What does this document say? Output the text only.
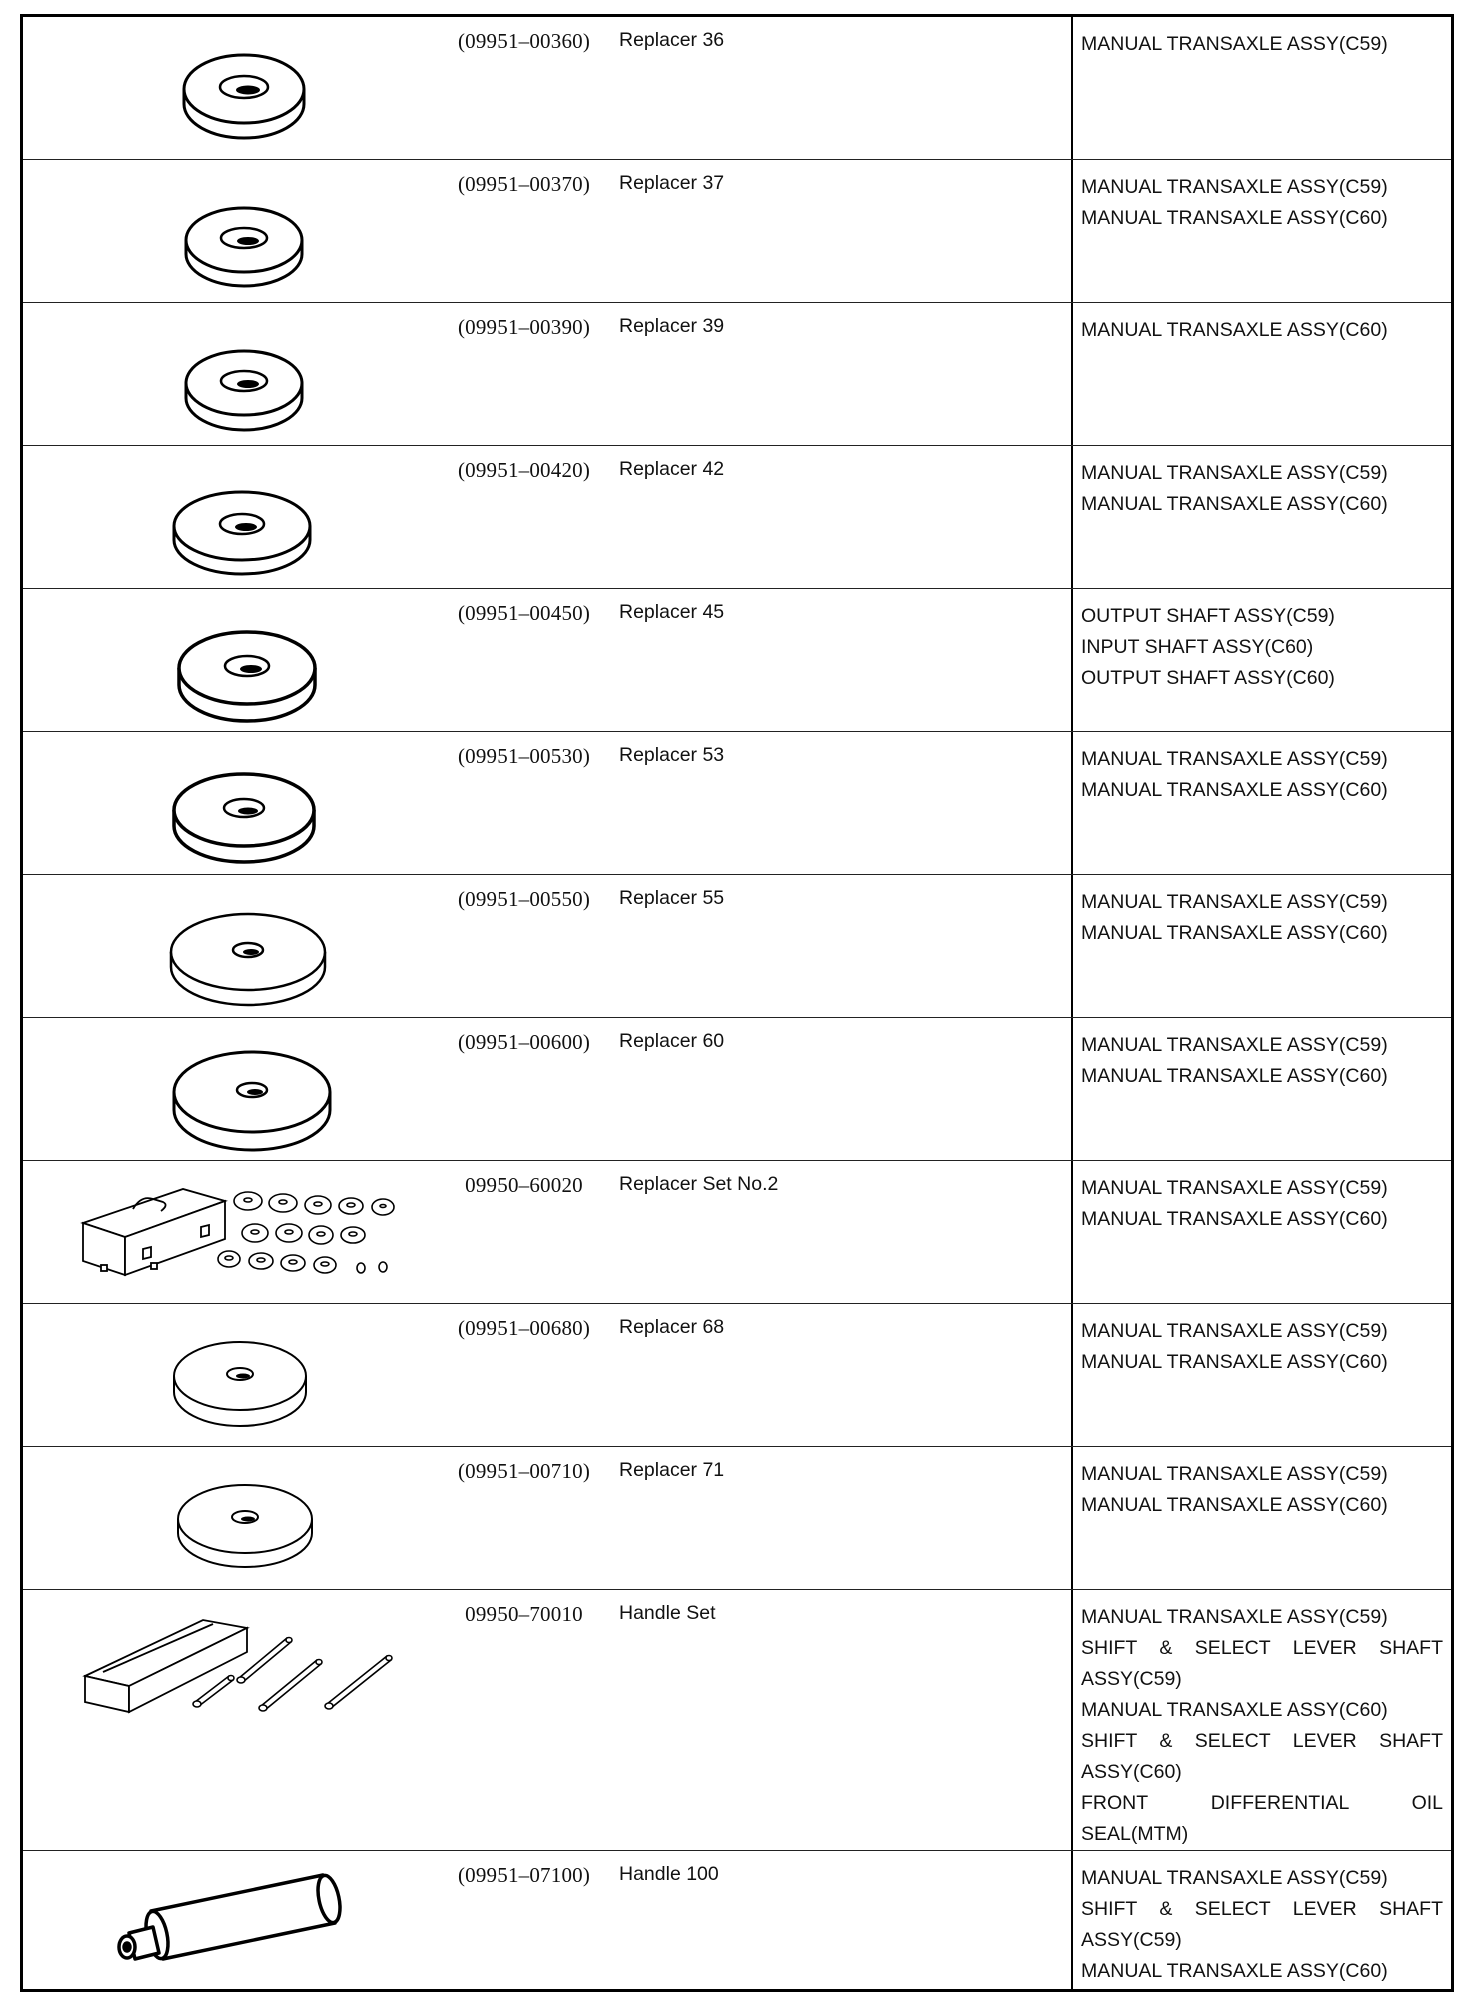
(09951–00360)	Replacer 36	MANUAL TRANSAXLE ASSY(C59)
(09951–00370)	Replacer 37	MANUAL TRANSAXLE ASSY(C59)
MANUAL TRANSAXLE ASSY(C60)
(09951–00390)	Replacer 39	MANUAL TRANSAXLE ASSY(C60)
(09951–00420)	Replacer 42	MANUAL TRANSAXLE ASSY(C59)
MANUAL TRANSAXLE ASSY(C60)
(09951–00450)	Replacer 45	OUTPUT SHAFT ASSY(C59)
INPUT SHAFT ASSY(C60)
OUTPUT SHAFT ASSY(C60)
(09951–00530)	Replacer 53	MANUAL TRANSAXLE ASSY(C59)
MANUAL TRANSAXLE ASSY(C60)
(09951–00550)	Replacer 55	MANUAL TRANSAXLE ASSY(C59)
MANUAL TRANSAXLE ASSY(C60)
(09951–00600)	Replacer 60	MANUAL TRANSAXLE ASSY(C59)
MANUAL TRANSAXLE ASSY(C60)
09950–60020	Replacer Set No.2	MANUAL TRANSAXLE ASSY(C59)
MANUAL TRANSAXLE ASSY(C60)
(09951–00680)	Replacer 68	MANUAL TRANSAXLE ASSY(C59)
MANUAL TRANSAXLE ASSY(C60)
(09951–00710)	Replacer 71	MANUAL TRANSAXLE ASSY(C59)
MANUAL TRANSAXLE ASSY(C60)
09950–70010	Handle Set	MANUAL TRANSAXLE ASSY(C59)
SHIFT & SELECT LEVER SHAFT
ASSY(C59)
MANUAL TRANSAXLE ASSY(C60)
SHIFT & SELECT LEVER SHAFT
ASSY(C60)
FRONT DIFFERENTIAL OIL
SEAL(MTM)
(09951–07100)	Handle 100	MANUAL TRANSAXLE ASSY(C59)
SHIFT & SELECT LEVER SHAFT
ASSY(C59)
MANUAL TRANSAXLE ASSY(C60)
